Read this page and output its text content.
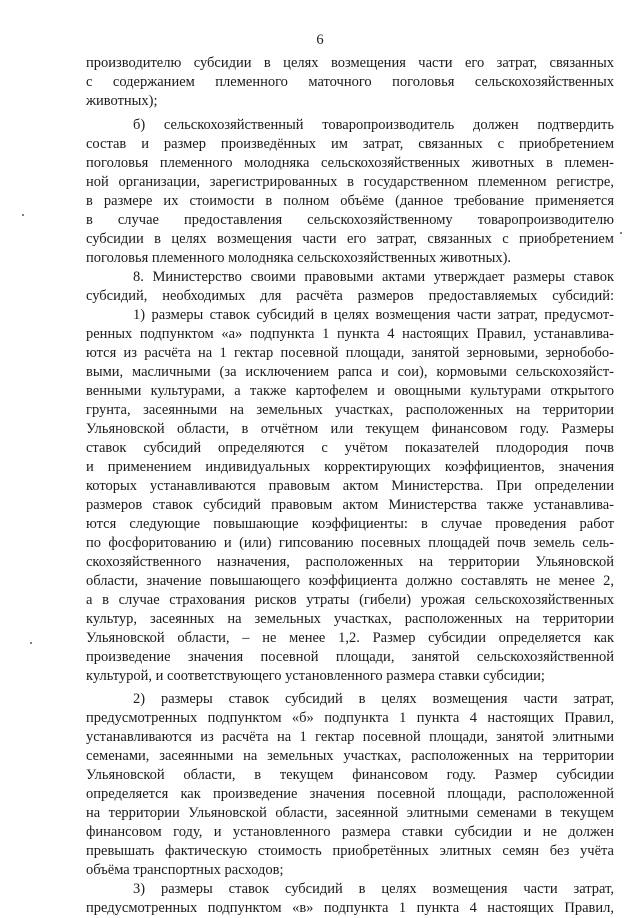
6
производителю субсидии в целях возмещения части его затрат, связанных
с содержанием племенного маточного поголовья сельскохозяйственных
животных);
б) сельскохозяйственный товаропроизводитель должен подтвердить
состав и размер произведённых им затрат, связанных с приобретением
поголовья племенного молодняка сельскохозяйственных животных в племен-
ной организации, зарегистрированных в государственном племенном регистре,
в размере их стоимости в полном объёме (данное требование применяется
в случае предоставления сельскохозяйственному товаропроизводителю
субсидии в целях возмещения части его затрат, связанных с приобретением
поголовья племенного молодняка сельскохозяйственных животных).
8. Министерство своими правовыми актами утверждает размеры ставок
субсидий, необходимых для расчёта размеров предоставляемых субсидий:
1) размеры ставок субсидий в целях возмещения части затрат, предусмот-
ренных подпунктом «а» подпункта 1 пункта 4 настоящих Правил, устанавлива-
ются из расчёта на 1 гектар посевной площади, занятой зерновыми, зернобобо-
выми, масличными (за исключением рапса и сои), кормовыми сельскохозяйст-
венными культурами, а также картофелем и овощными культурами открытого
грунта, засеянными на земельных участках, расположенных на территории
Ульяновской области, в отчётном или текущем финансовом году. Размеры
ставок субсидий определяются с учётом показателей плодородия почв
и применением индивидуальных корректирующих коэффициентов, значения
которых устанавливаются правовым актом Министерства. При определении
размеров ставок субсидий правовым актом Министерства также устанавлива-
ются следующие повышающие коэффициенты: в случае проведения работ
по фосфоритованию и (или) гипсованию посевных площадей почв земель сель-
скохозяйственного назначения, расположенных на территории Ульяновской
области, значение повышающего коэффициента должно составлять не менее 2,
а в случае страхования рисков утраты (гибели) урожая сельскохозяйственных
культур, засеянных на земельных участках, расположенных на территории
Ульяновской области, – не менее 1,2. Размер субсидии определяется как
произведение значения посевной площади, занятой сельскохозяйственной
культурой, и соответствующего установленного размера ставки субсидии;
2) размеры ставок субсидий в целях возмещения части затрат,
предусмотренных подпунктом «б» подпункта 1 пункта 4 настоящих Правил,
устанавливаются из расчёта на 1 гектар посевной площади, занятой элитными
семенами, засеянными на земельных участках, расположенных на территории
Ульяновской области, в текущем финансовом году. Размер субсидии
определяется как произведение значения посевной площади, расположенной
на территории Ульяновской области, засеянной элитными семенами в текущем
финансовом году, и установленного размера ставки субсидии и не должен
превышать фактическую стоимость приобретённых элитных семян без учёта
объёма транспортных расходов;
3) размеры ставок субсидий в целях возмещения части затрат,
предусмотренных подпунктом «в» подпункта 1 пункта 4 настоящих Правил,
